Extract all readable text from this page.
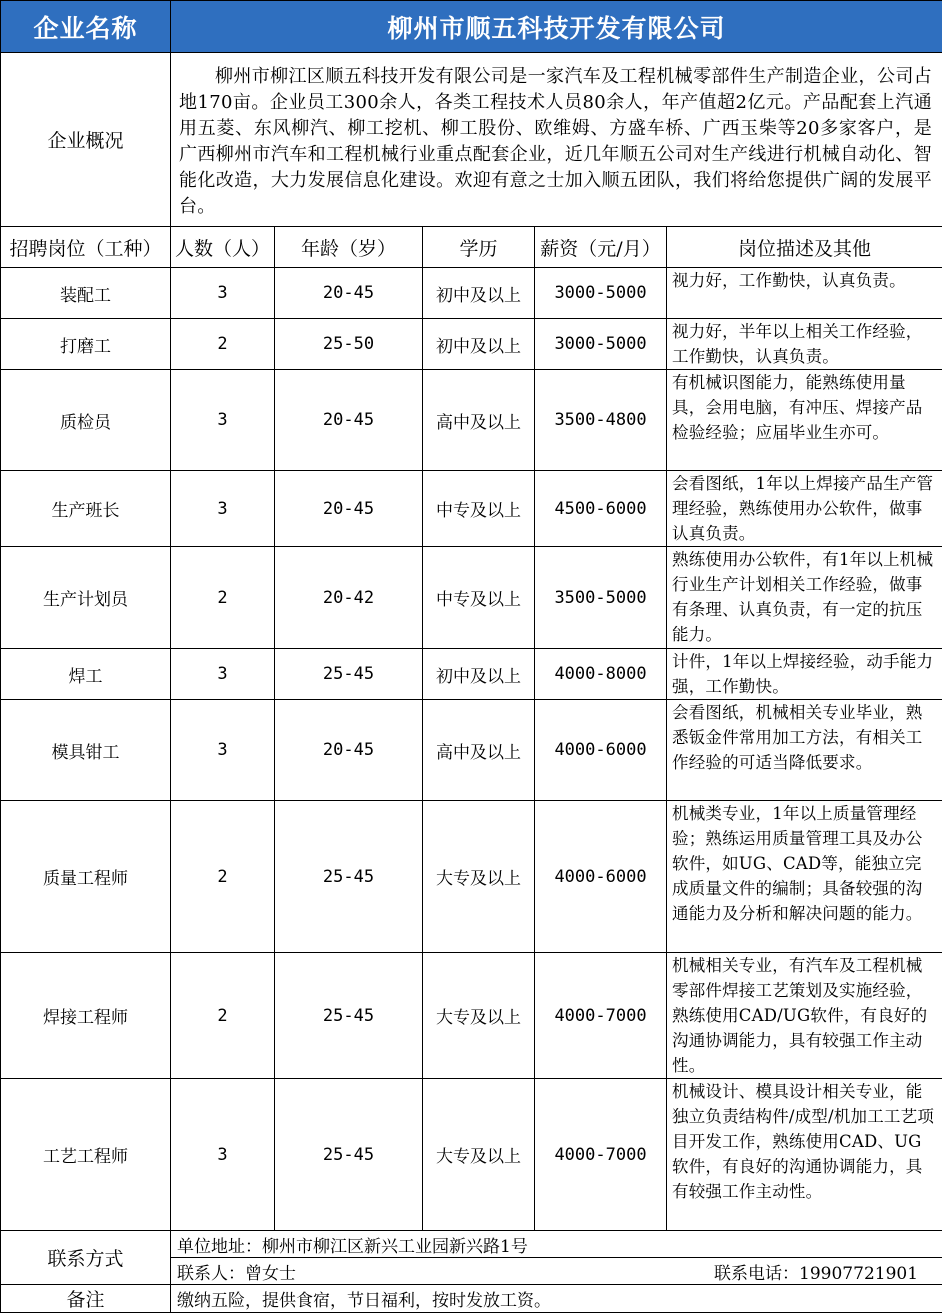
企业名称	柳州市顺五科技开发有限公司				
企业概况	柳州市柳江区顺五科技开发有限公司是一家汽车及工程机械零部件生产制造企业，公司占地170亩。企业员工300余人，各类工程技术人员80余人，年产值超2亿元。产品配套上汽通用五菱、东风柳汽、柳工挖机、柳工股份、欧维姆、方盛车桥、广西玉柴等20多家客户，是广西柳州市汽车和工程机械行业重点配套企业，近几年顺五公司对生产线进行机械自动化、智能化改造，大力发展信息化建设。欢迎有意之士加入顺五团队，我们将给您提供广阔的发展平台。				
招聘岗位（工种）	人数（人）	年龄（岁）	学历	薪资（元/月）	岗位描述及其他
装配工	3	20-45	初中及以上	3000-5000	视力好，工作勤快，认真负责。
打磨工	2	25-50	初中及以上	3000-5000	视力好，半年以上相关工作经验，工作勤快，认真负责。
质检员	3	20-45	高中及以上	3500-4800	有机械识图能力，能熟练使用量具，会用电脑，有冲压、焊接产品检验经验；应届毕业生亦可。
生产班长	3	20-45	中专及以上	4500-6000	会看图纸，1年以上焊接产品生产管理经验，熟练使用办公软件，做事认真负责。
生产计划员	2	20-42	中专及以上	3500-5000	熟练使用办公软件，有1年以上机械行业生产计划相关工作经验，做事有条理、认真负责，有一定的抗压能力。
焊工	3	25-45	初中及以上	4000-8000	计件，1年以上焊接经验，动手能力强，工作勤快。
模具钳工	3	20-45	高中及以上	4000-6000	会看图纸，机械相关专业毕业，熟悉钣金件常用加工方法，有相关工作经验的可适当降低要求。
质量工程师	2	25-45	大专及以上	4000-6000	机械类专业，1年以上质量管理经验；熟练运用质量管理工具及办公软件，如UG、CAD等，能独立完成质量文件的编制；具备较强的沟通能力及分析和解决问题的能力。
焊接工程师	2	25-45	大专及以上	4000-7000	机械相关专业，有汽车及工程机械零部件焊接工艺策划及实施经验，熟练使用CAD/UG软件，有良好的沟通协调能力，具有较强工作主动性。
工艺工程师	3	25-45	大专及以上	4000-7000	机械设计、模具设计相关专业，能独立负责结构件/成型/机加工工艺项目开发工作，熟练使用CAD、UG软件，有良好的沟通协调能力，具有较强工作主动性。
联系方式	单位地址：柳州市柳江区新兴工业园新兴路1号				
	联系人：曾女士 联系电话：19907721901				

备注	缴纳五险，提供食宿，节日福利，按时发放工资。				
